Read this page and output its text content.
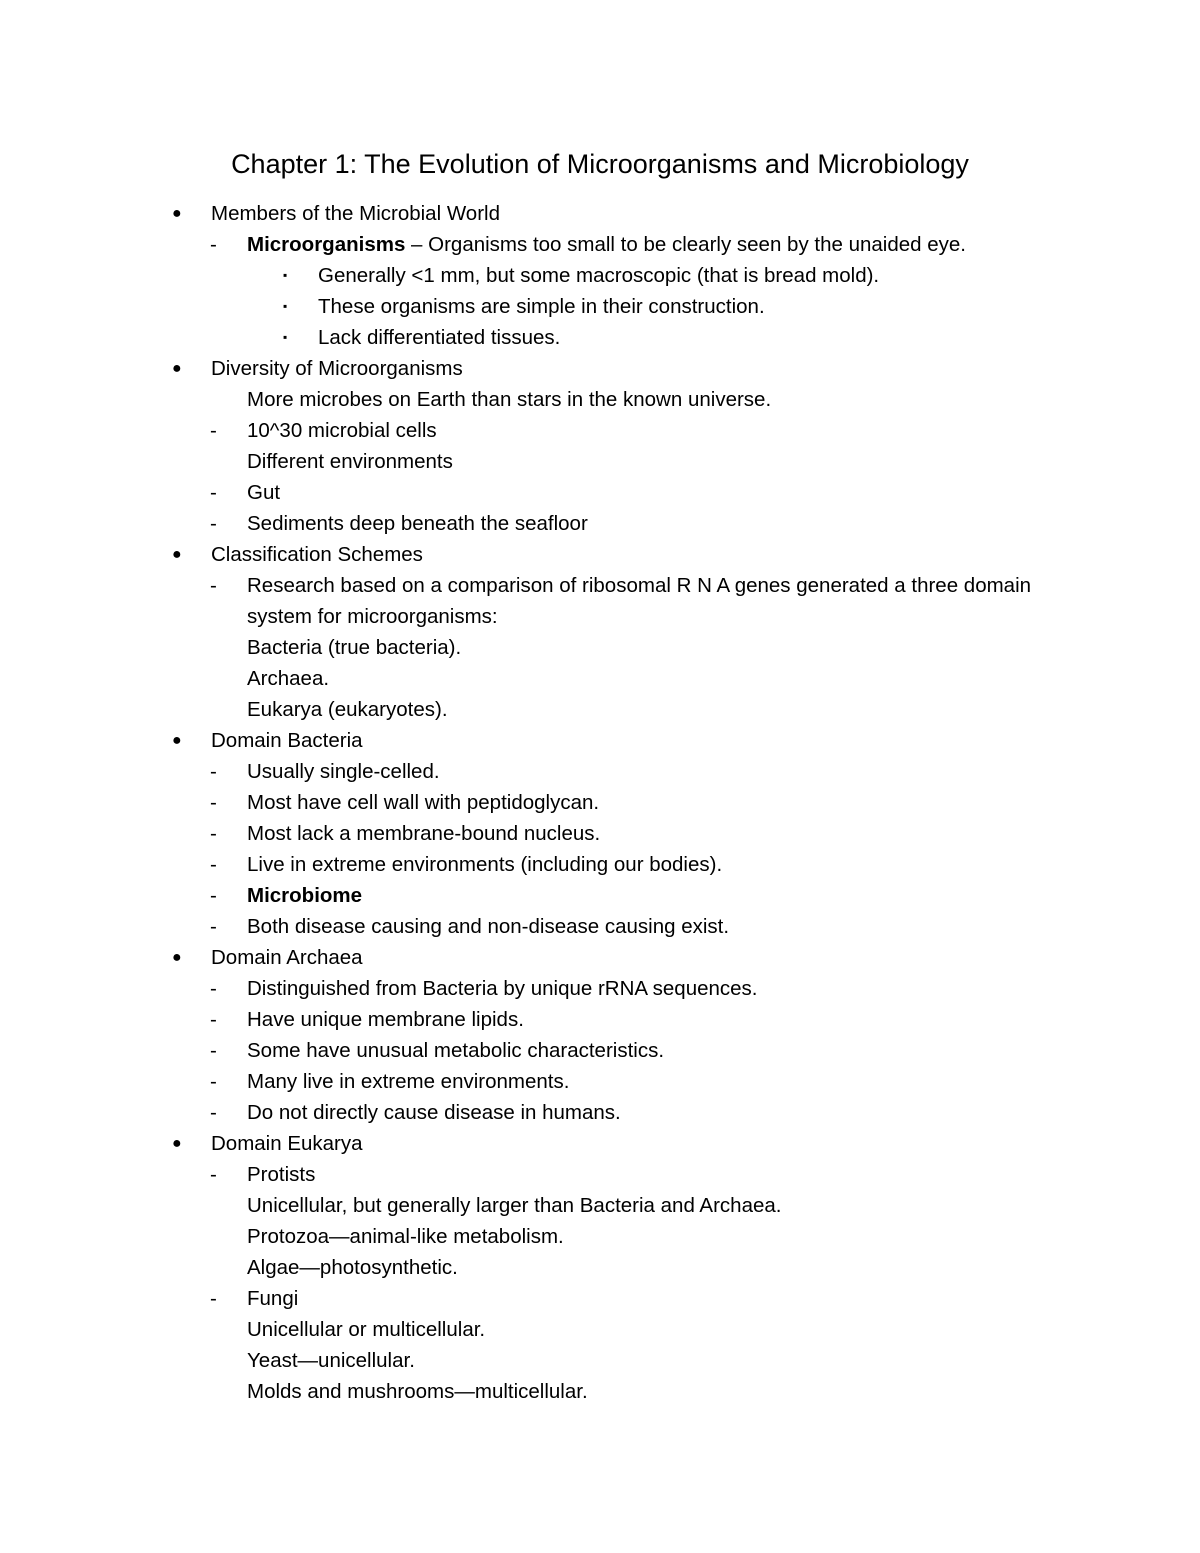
Chapter 1: The Evolution of Microorganisms and Microbiology
● Members of the Microbial World
- Microorganisms – Organisms too small to be clearly seen by the unaided eye.
▪ Generally <1 mm, but some macroscopic (that is bread mold).
▪ These organisms are simple in their construction.
▪ Lack differentiated tissues.
● Diversity of Microorganisms
More microbes on Earth than stars in the known universe.
- 10^30 microbial cells
Different environments
- Gut
- Sediments deep beneath the seafloor
● Classification Schemes
- Research based on a comparison of ribosomal R N A genes generated a three domain
system for microorganisms:
Bacteria (true bacteria).
Archaea.
Eukarya (eukaryotes).
● Domain Bacteria
- Usually single-celled.
- Most have cell wall with peptidoglycan.
- Most lack a membrane-bound nucleus.
- Live in extreme environments (including our bodies).
- Microbiome
- Both disease causing and non-disease causing exist.
● Domain Archaea
- Distinguished from Bacteria by unique rRNA sequences.
- Have unique membrane lipids.
- Some have unusual metabolic characteristics.
- Many live in extreme environments.
- Do not directly cause disease in humans.
● Domain Eukarya
- Protists
Unicellular, but generally larger than Bacteria and Archaea.
Protozoa—animal-like metabolism.
Algae—photosynthetic.
- Fungi
Unicellular or multicellular.
Yeast—unicellular.
Molds and mushrooms—multicellular.
